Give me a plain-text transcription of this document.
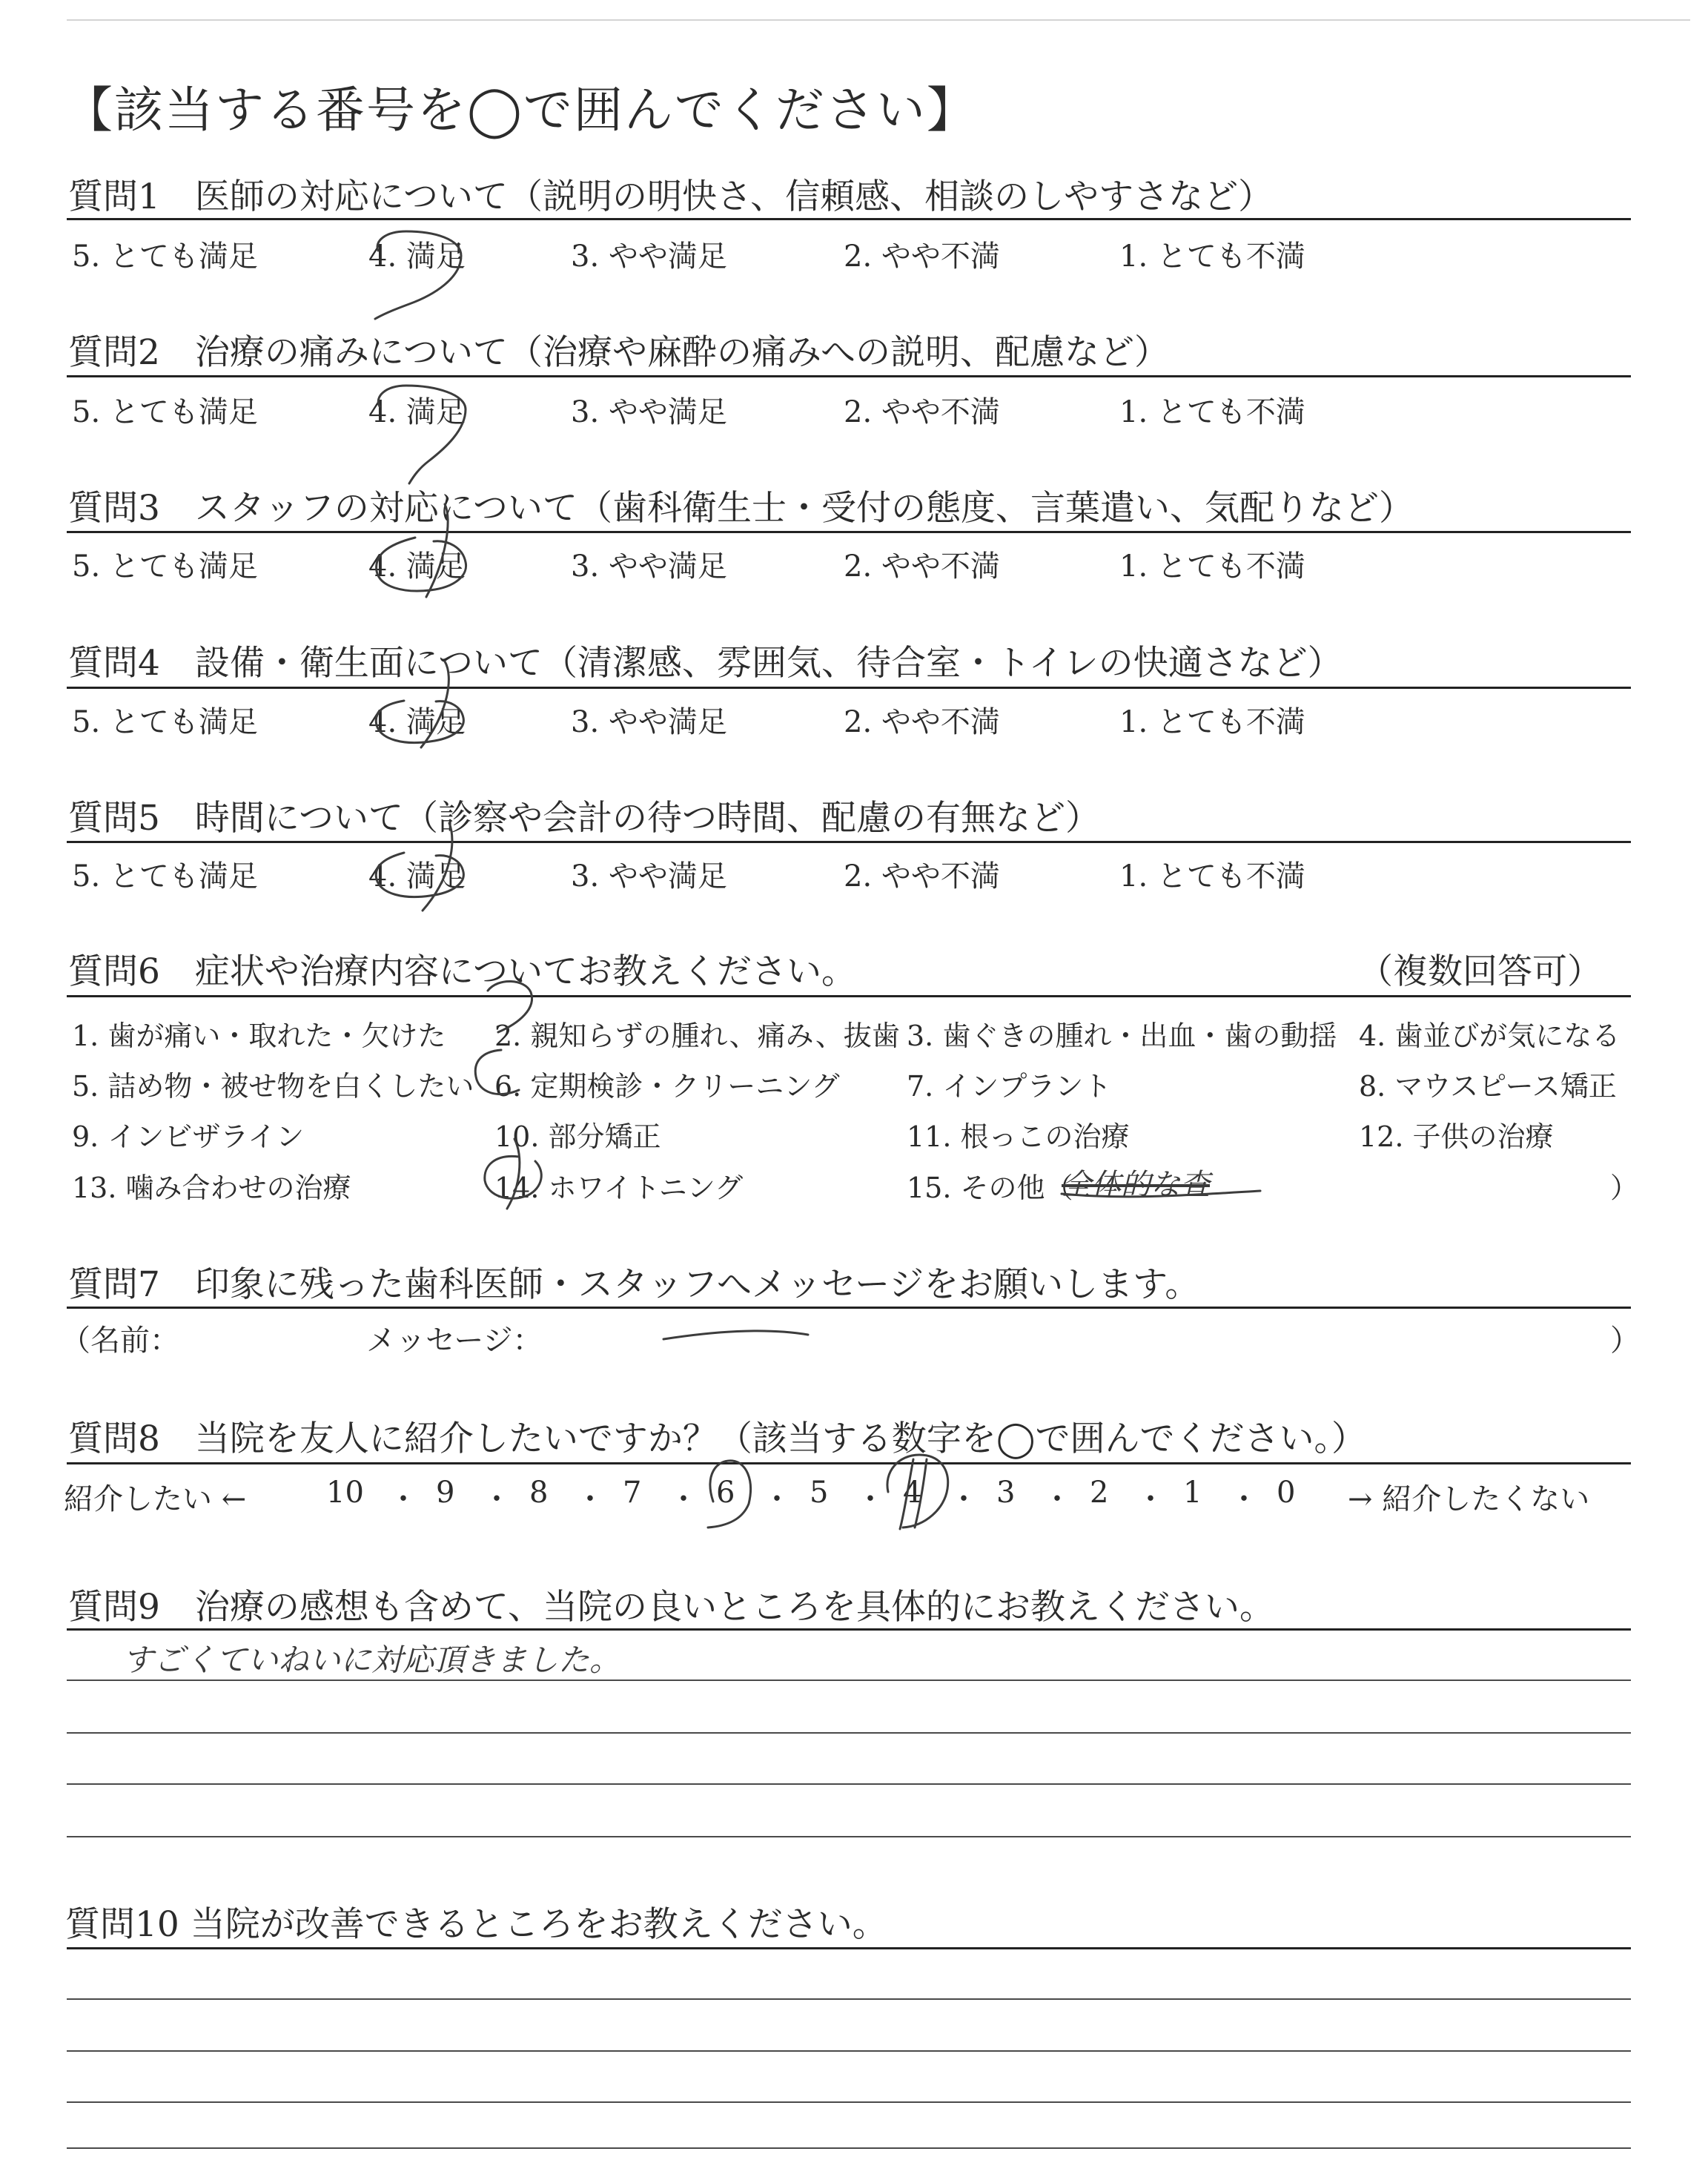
【該当する番号を◯で囲んでください】
質問1　医師の対応について（説明の明快さ、信頼感、相談のしやすさなど）
5. とても満足	4. 満足	3. やや満足	2. やや不満	1. とても不満
質問2　治療の痛みについて（治療や麻酔の痛みへの説明、配慮など）
5. とても満足	4. 満足	3. やや満足	2. やや不満	1. とても不満
質問3　スタッフの対応について（歯科衛生士・受付の態度、言葉遣い、気配りなど）
5. とても満足	4. 満足	3. やや満足	2. やや不満	1. とても不満
質問4　設備・衛生面について（清潔感、雰囲気、待合室・トイレの快適さなど）
5. とても満足	4. 満足	3. やや満足	2. やや不満	1. とても不満
質問5　時間について（診察や会計の待つ時間、配慮の有無など）
5. とても満足	4. 満足	3. やや満足	2. やや不満	1. とても不満
質問6　症状や治療内容についてお教えください。	（複数回答可）
1. 歯が痛い・取れた・欠けた 2. 親知らずの腫れ、痛み、抜歯 3. 歯ぐきの腫れ・出血・歯の動揺 4. 歯並びが気になる
5. 詰め物・被せ物を白くしたい 6. 定期検診・クリーニング 7. インプラント	8. マウスピース矯正
9. インビザライン	10. 部分矯正	11. 根っこの治療	12. 子供の治療
13. 噛み合わせの治療	14. ホワイトニング	15. その他（
全体的な査	）
質問7　印象に残った歯科医師・スタッフへメッセージをお願いします。
（名前：	メッセージ：	）
質問8　当院を友人に紹介したいですか？（該当する数字を◯で囲んでください。）
紹介したい ←	→ 紹介したくない
10 ・ 9 ・ 8 ・ 7 ・ 6 ・ 5 ・ 4 ・ 3 ・ 2 ・ 1 ・ 0
質問9　治療の感想も含めて、当院の良いところを具体的にお教えください。
すごくていねいに対応頂きました。
質問10 当院が改善できるところをお教えください。
